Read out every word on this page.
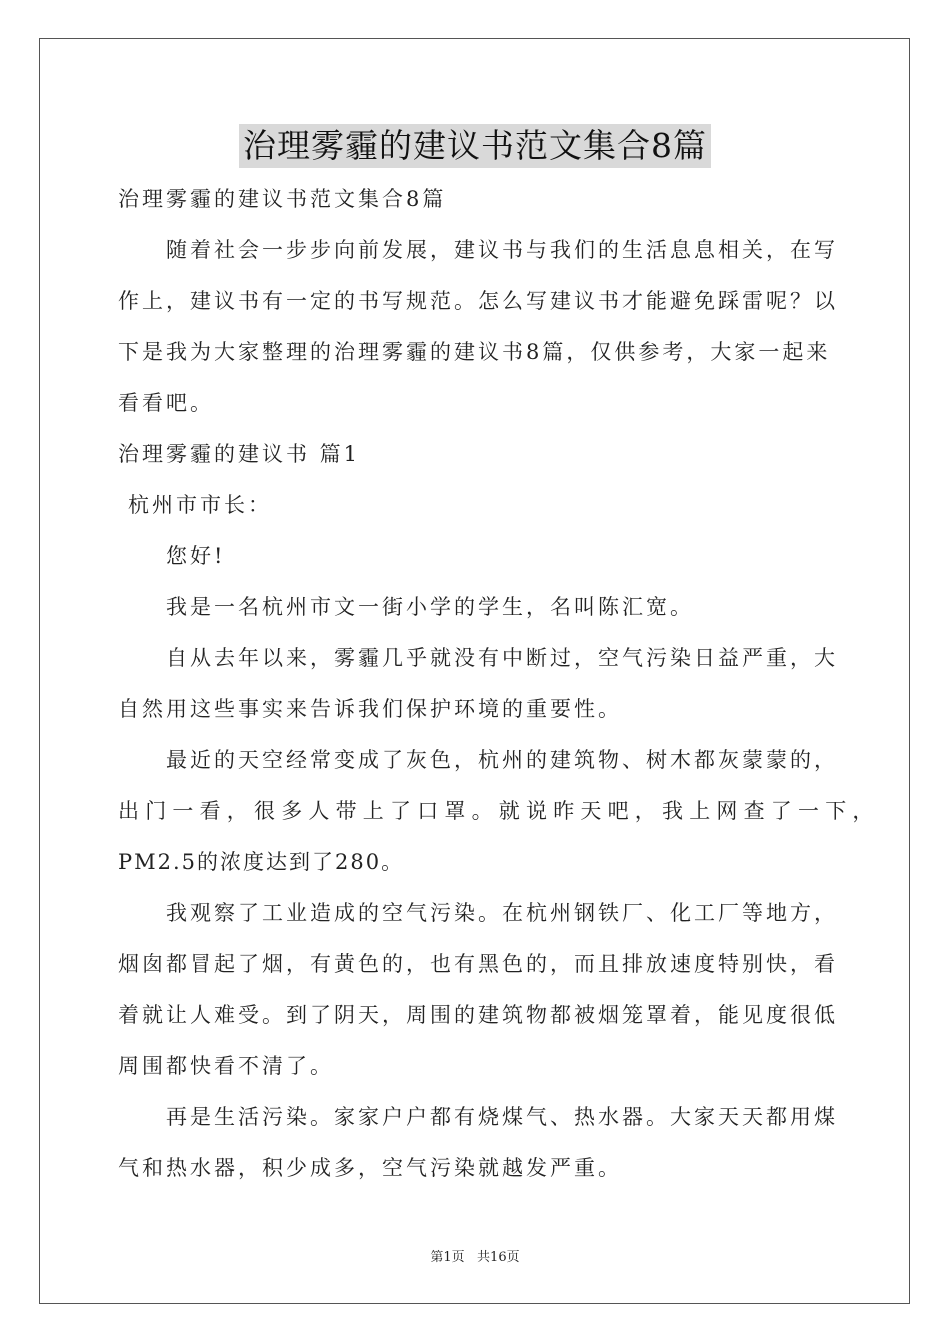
治理雾霾的建议书范文集合8篇
治理雾霾的建议书范文集合8篇
随着社会一步步向前发展，建议书与我们的生活息息相关，在写
作上，建议书有一定的书写规范。怎么写建议书才能避免踩雷呢？以
下是我为大家整理的治理雾霾的建议书8篇，仅供参考，大家一起来
看看吧。
治理雾霾的建议书 篇1
杭州市市长：
您好!
我是一名杭州市文一街小学的学生，名叫陈汇宽。
自从去年以来，雾霾几乎就没有中断过，空气污染日益严重，大
自然用这些事实来告诉我们保护环境的重要性。
最近的天空经常变成了灰色，杭州的建筑物、树木都灰蒙蒙的，
出门一看，很多人带上了口罩。就说昨天吧，我上网查了一下，
PM2.5的浓度达到了280。
我观察了工业造成的空气污染。在杭州钢铁厂、化工厂等地方，
烟囱都冒起了烟，有黄色的，也有黑色的，而且排放速度特别快，看
着就让人难受。到了阴天，周围的建筑物都被烟笼罩着，能见度很低
周围都快看不清了。
再是生活污染。家家户户都有烧煤气、热水器。大家天天都用煤
气和热水器，积少成多，空气污染就越发严重。
第1页   共16页
